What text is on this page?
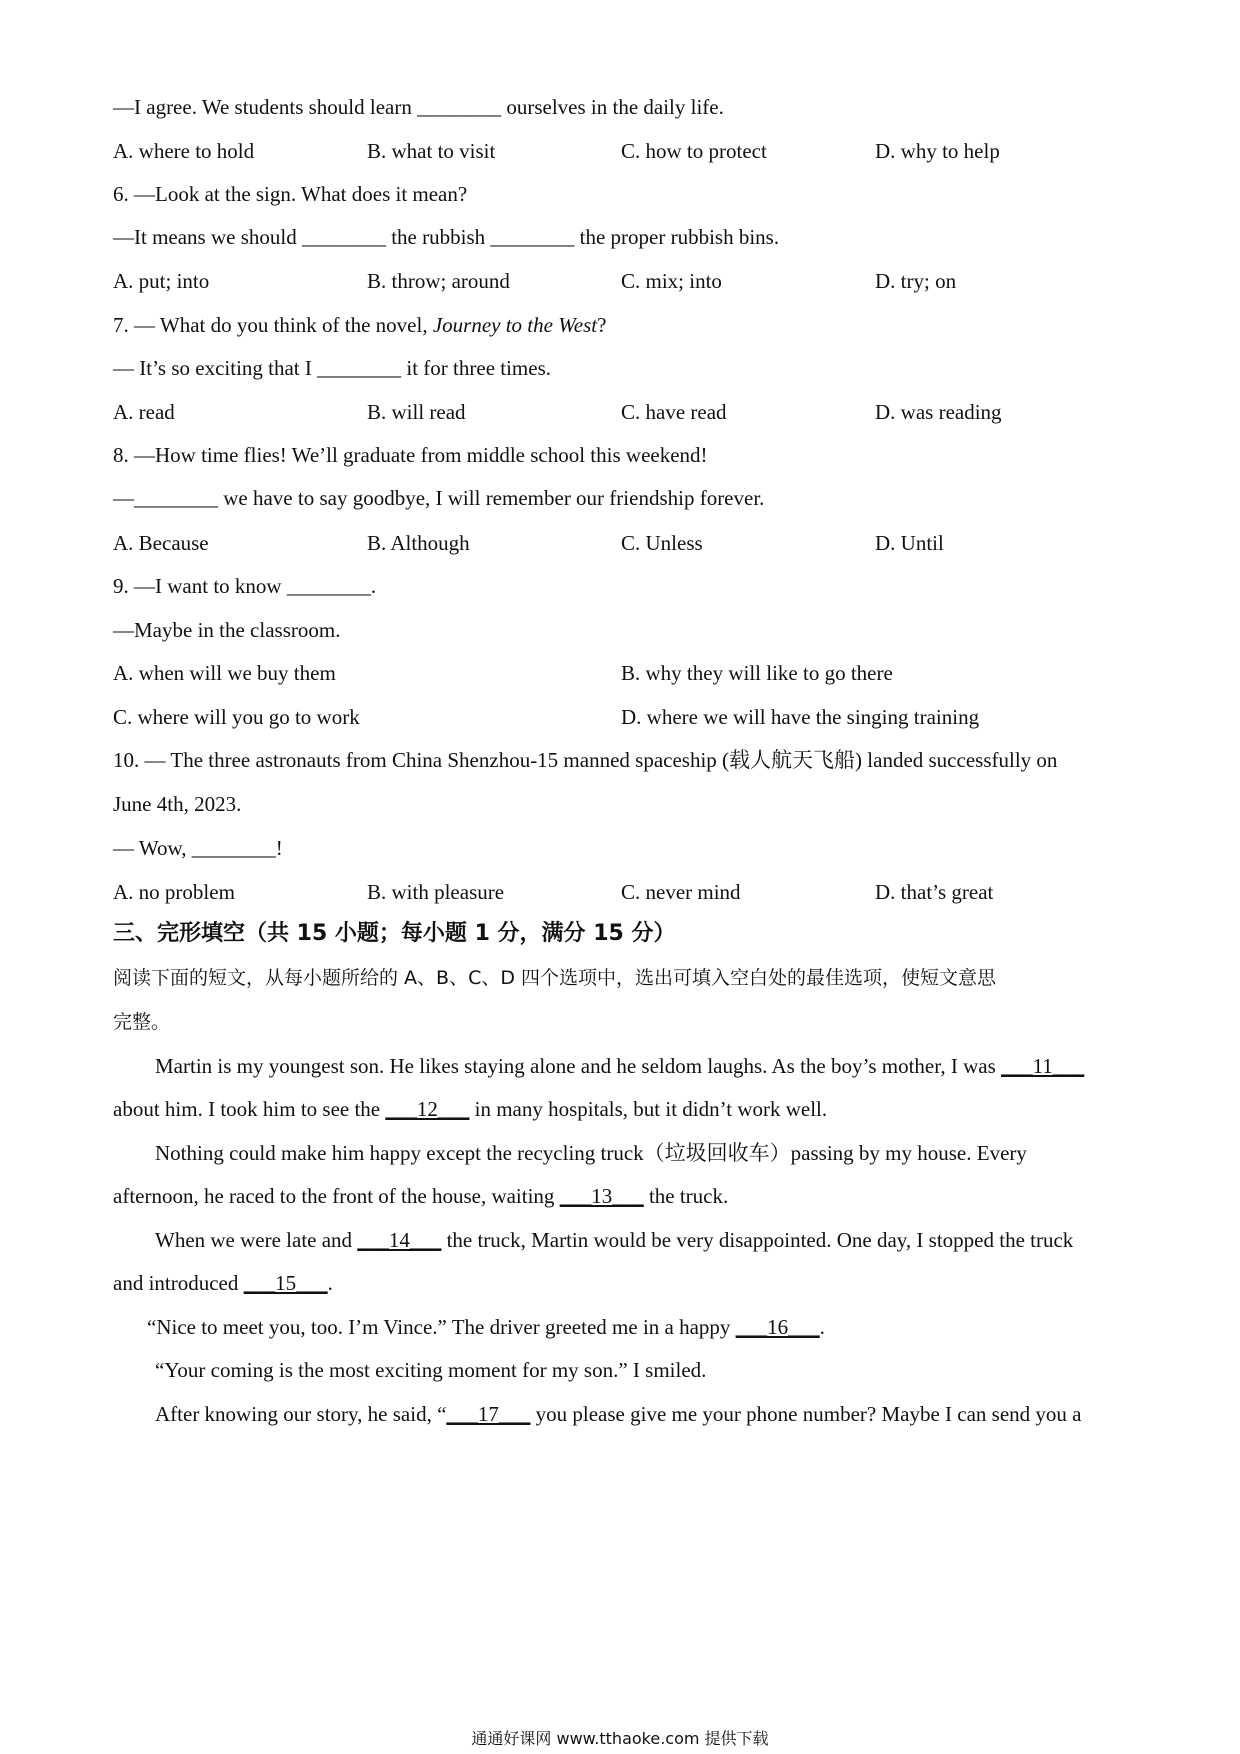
—I agree. We students should learn ________ ourselves in the daily life.
A. where to hold	B. what to visit	C. how to protect	D. why to help
6. —Look at the sign. What does it mean?
—It means we should ________ the rubbish ________ the proper rubbish bins.
A. put; into	B. throw; around	C. mix; into	D. try; on
7. — What do you think of the novel, Journey to the West?
— It’s so exciting that I ________ it for three times.
A. read	B. will read	C. have read	D. was reading
8. —How time flies! We’ll graduate from middle school this weekend!
—________ we have to say goodbye, I will remember our friendship forever.
A. Because	B. Although	C. Unless	D. Until
9. —I want to know ________.
—Maybe in the classroom.
A. when will we buy them	B. why they will like to go there
C. where will you go to work	D. where we will have the singing training
10. — The three astronauts from China Shenzhou-15 manned spaceship (载人航天飞船) landed successfully on
June 4th, 2023.
— Wow, ________!
A. no problem	B. with pleasure	C. never mind	D. that’s great
三、完形填空（共 15 小题；每小题 1 分，满分 15 分）
阅读下面的短文，从每小题所给的 A、B、C、D 四个选项中，选出可填入空白处的最佳选项，使短文意思
完整。
Martin is my youngest son. He likes staying alone and he seldom laughs. As the boy’s mother, I was ___11___
about him. I took him to see the ___12___ in many hospitals, but it didn’t work well.
Nothing could make him happy except the recycling truck（垃圾回收车）passing by my house. Every
afternoon, he raced to the front of the house, waiting ___13___ the truck.
When we were late and ___14___ the truck, Martin would be very disappointed. One day, I stopped the truck
and introduced ___15___.
“Nice to meet you, too. I’m Vince.” The driver greeted me in a happy ___16___.
“Your coming is the most exciting moment for my son.” I smiled.
After knowing our story, he said, “___17___ you please give me your phone number? Maybe I can send you a
通通好课网 www.tthaoke.com 提供下载
